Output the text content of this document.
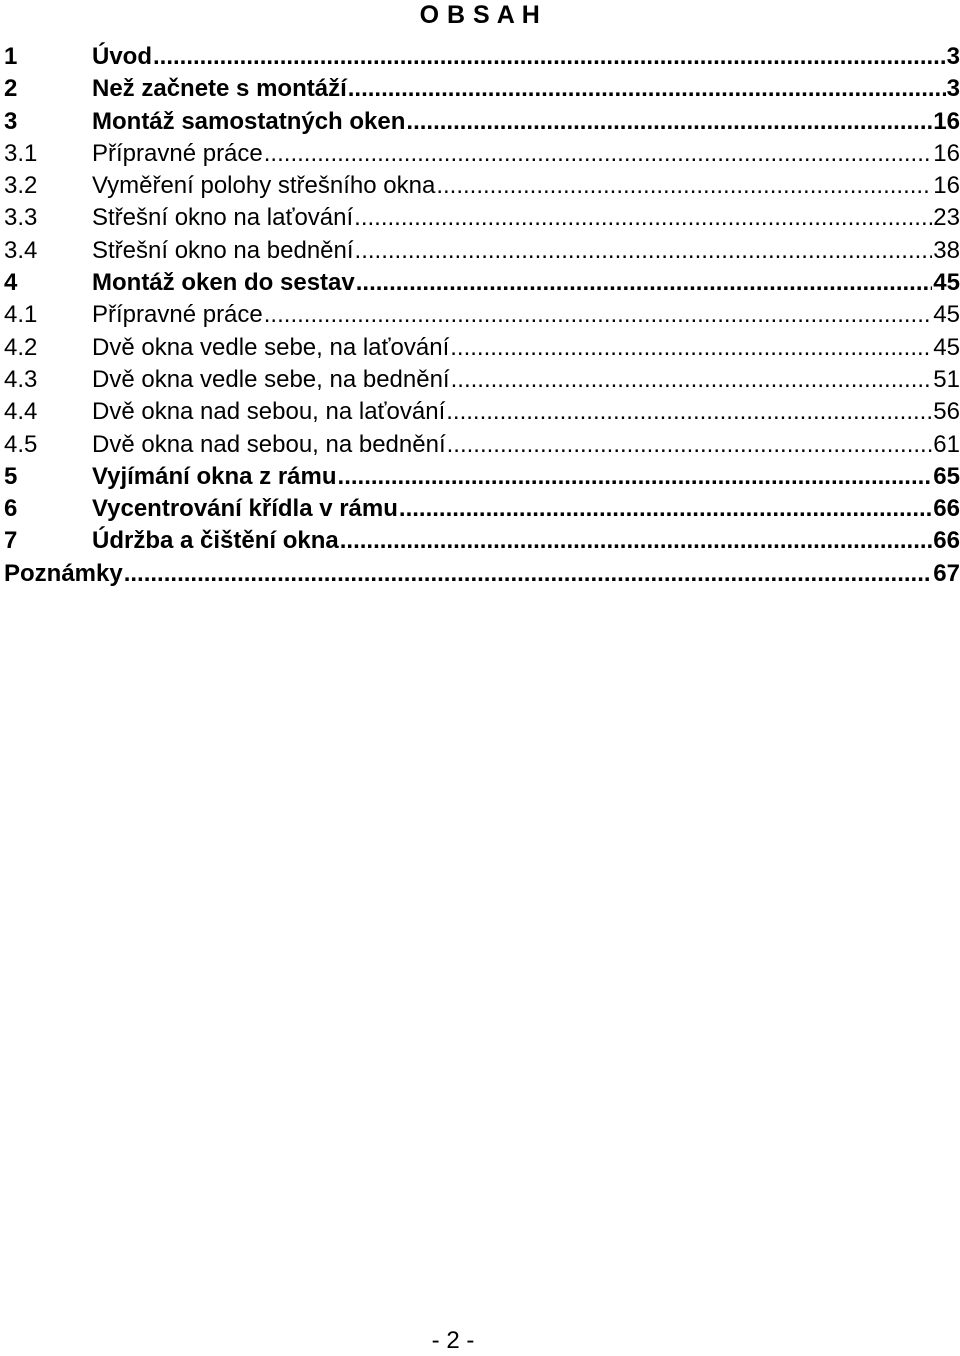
O B S A H
1	Úvod .....	3
2	Než začnete s montáží .....	3
3	Montáž samostatných oken .....	16
3.1	Přípravné práce .....	16
3.2	Vyměření polohy střešního okna .....	16
3.3	Střešní okno na laťování .....	23
3.4	Střešní okno na bednění .....	38
4	Montáž oken do sestav .....	45
4.1	Přípravné práce .....	45
4.2	Dvě okna vedle sebe, na laťování .....	45
4.3	Dvě okna vedle sebe, na bednění .....	51
4.4	Dvě okna nad sebou, na laťování .....	56
4.5	Dvě okna nad sebou, na bednění .....	61
5	Vyjímání okna z rámu .....	65
6	Vycentrování křídla v rámu .....	66
7	Údržba a čištění okna .....	66
Poznámky .....	67
- 2 -
